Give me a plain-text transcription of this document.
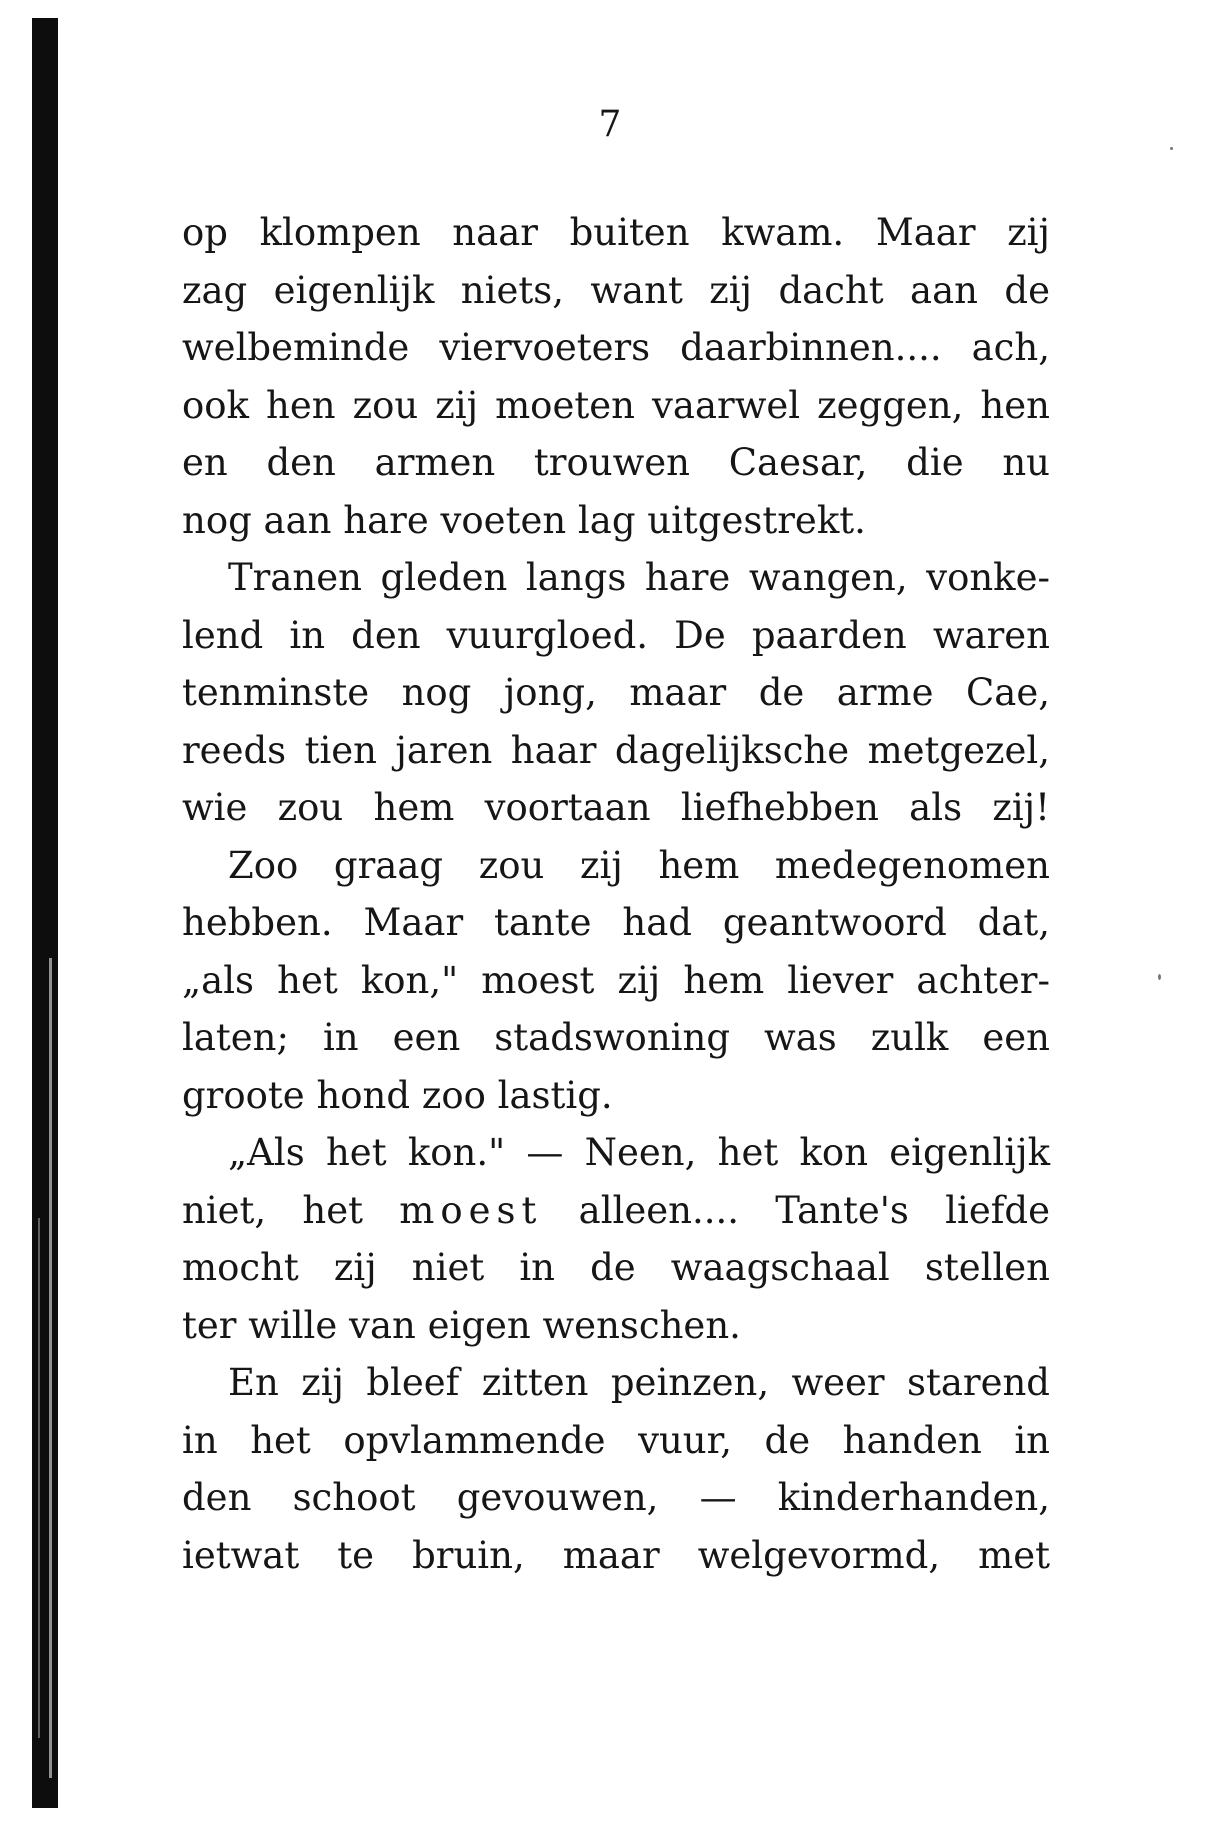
7
op klompen naar buiten kwam. Maar zij
zag eigenlijk niets, want zij dacht aan de
welbeminde viervoeters daarbinnen.... ach,
ook hen zou zij moeten vaarwel zeggen, hen
en den armen trouwen Caesar, die nu
nog aan hare voeten lag uitgestrekt.
Tranen gleden langs hare wangen, vonke-
lend in den vuurgloed. De paarden waren
tenminste nog jong, maar de arme Cae,
reeds tien jaren haar dagelijksche metgezel,
wie zou hem voortaan liefhebben als zij!
Zoo graag zou zij hem medegenomen
hebben. Maar tante had geantwoord dat,
„als het kon," moest zij hem liever achter-
laten; in een stadswoning was zulk een
groote hond zoo lastig.
„Als het kon." — Neen, het kon eigenlijk
niet, het moest alleen.... Tante's liefde
mocht zij niet in de waagschaal stellen
ter wille van eigen wenschen.
En zij bleef zitten peinzen, weer starend
in het opvlammende vuur, de handen in
den schoot gevouwen, — kinderhanden,
ietwat te bruin, maar welgevormd, met
